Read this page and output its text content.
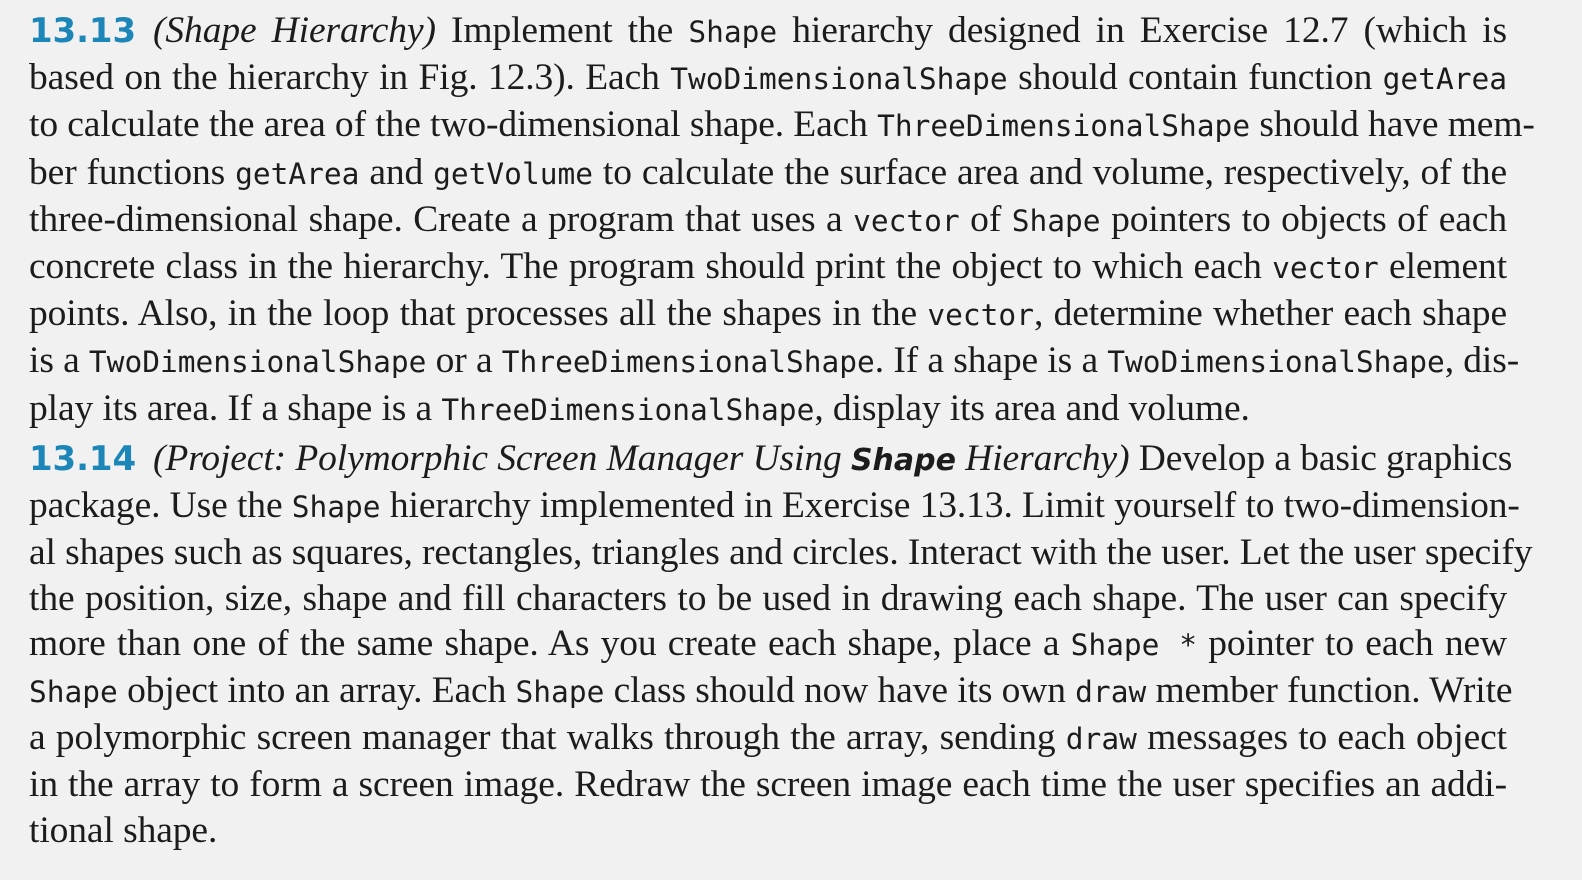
13.13 (Shape Hierarchy) Implement the Shape hierarchy designed in Exercise 12.7 (which is
based on the hierarchy in Fig. 12.3). Each TwoDimensionalShape should contain function getArea
to calculate the area of the two-dimensional shape. Each ThreeDimensionalShape should have mem-
ber functions getArea and getVolume to calculate the surface area and volume, respectively, of the
three-dimensional shape. Create a program that uses a vector of Shape pointers to objects of each
concrete class in the hierarchy. The program should print the object to which each vector element
points. Also, in the loop that processes all the shapes in the vector, determine whether each shape
is a TwoDimensionalShape or a ThreeDimensionalShape. If a shape is a TwoDimensionalShape, dis-
play its area. If a shape is a ThreeDimensionalShape, display its area and volume.
13.14 (Project: Polymorphic Screen Manager Using Shape Hierarchy) Develop a basic graphics
package. Use the Shape hierarchy implemented in Exercise 13.13. Limit yourself to two-dimension-
al shapes such as squares, rectangles, triangles and circles. Interact with the user. Let the user specify
the position, size, shape and fill characters to be used in drawing each shape. The user can specify
more than one of the same shape. As you create each shape, place a Shape * pointer to each new
Shape object into an array. Each Shape class should now have its own draw member function. Write
a polymorphic screen manager that walks through the array, sending draw messages to each object
in the array to form a screen image. Redraw the screen image each time the user specifies an addi-
tional shape.
